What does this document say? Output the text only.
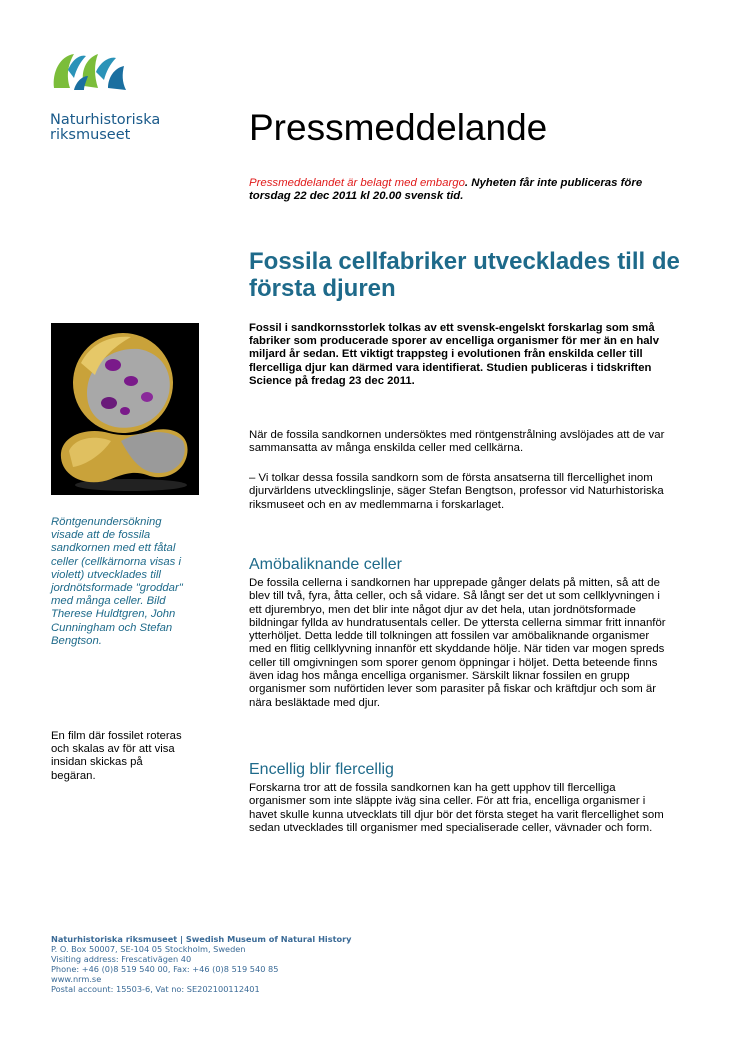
Naturhistoriska
riksmuseet	Pressmeddelande
Pressmeddelandet är belagt med embargo. Nyheten får inte publiceras före torsdag 22 dec 2011 kl 20.00 svensk tid.
Fossila cellfabriker utvecklades till de första djuren

Fossil i sandkornsstorlek tolkas av ett svensk-engelskt forskarlag som små fabriker som producerade sporer av encelliga organismer för mer än en halv miljard år sedan. Ett viktigt trappsteg i evolutionen från enskilda celler till flercelliga djur kan därmed vara identifierat. Studien publiceras i tidskriften Science på fredag 23 dec 2011.

När de fossila sandkornen undersöktes med röntgenstrålning avslöjades att de var sammansatta av många enskilda celler med cellkärna.

– Vi tolkar dessa fossila sandkorn som de första ansatserna till flercellighet inom djurvärldens utvecklingslinje, säger Stefan Bengtson, professor vid Naturhistoriska riksmuseet och en av medlemmarna i forskarlaget.

Amöbaliknande celler

De fossila cellerna i sandkornen har upprepade gånger delats på mitten, så att de blev till två, fyra, åtta celler, och så vidare. Så långt ser det ut som cellklyvningen i ett djurembryo, men det blir inte något djur av det hela, utan jordnötsformade bildningar fyllda av hundratusentals celler. De yttersta cellerna simmar fritt innanför ytterhöljet. Detta ledde till tolkningen att fossilen var amöbaliknande organismer med en flitig cellklyvning innanför ett skyddande hölje. När tiden var mogen spreds celler till omgivningen som sporer genom öppningar i höljet. Detta beteende finns även idag hos många encelliga organismer. Särskilt liknar fossilen en grupp organismer som nuförtiden lever som parasiter på fiskar och kräftdjur och som är nära besläktade med djur.

Encellig blir flercellig

Forskarna tror att de fossila sandkornen kan ha gett upphov till flercelliga organismer som inte släppte iväg sina celler. För att fria, encelliga organismer i havet skulle kunna utvecklats till djur bör det första steget ha varit flercellighet som sedan utvecklades till organismer med specialiserade celler, vävnader och form.

Röntgenundersökning visade att de fossila sandkornen med ett fåtal celler (cellkärnorna visas i violett) utvecklades till jordnötsformade "groddar" med många celler. Bild Therese Huldtgren, John Cunningham och Stefan Bengtson.

En film där fossilet roteras och skalas av för att visa insidan skickas på begäran.

Naturhistoriska riksmuseet | Swedish Museum of Natural History
P. O. Box 50007, SE-104 05 Stockholm, Sweden
Visiting address: Frescativägen 40
Phone: +46 (0)8 519 540 00, Fax: +46 (0)8 519 540 85
www.nrm.se
Postal account: 15503-6, Vat no: SE202100112401
